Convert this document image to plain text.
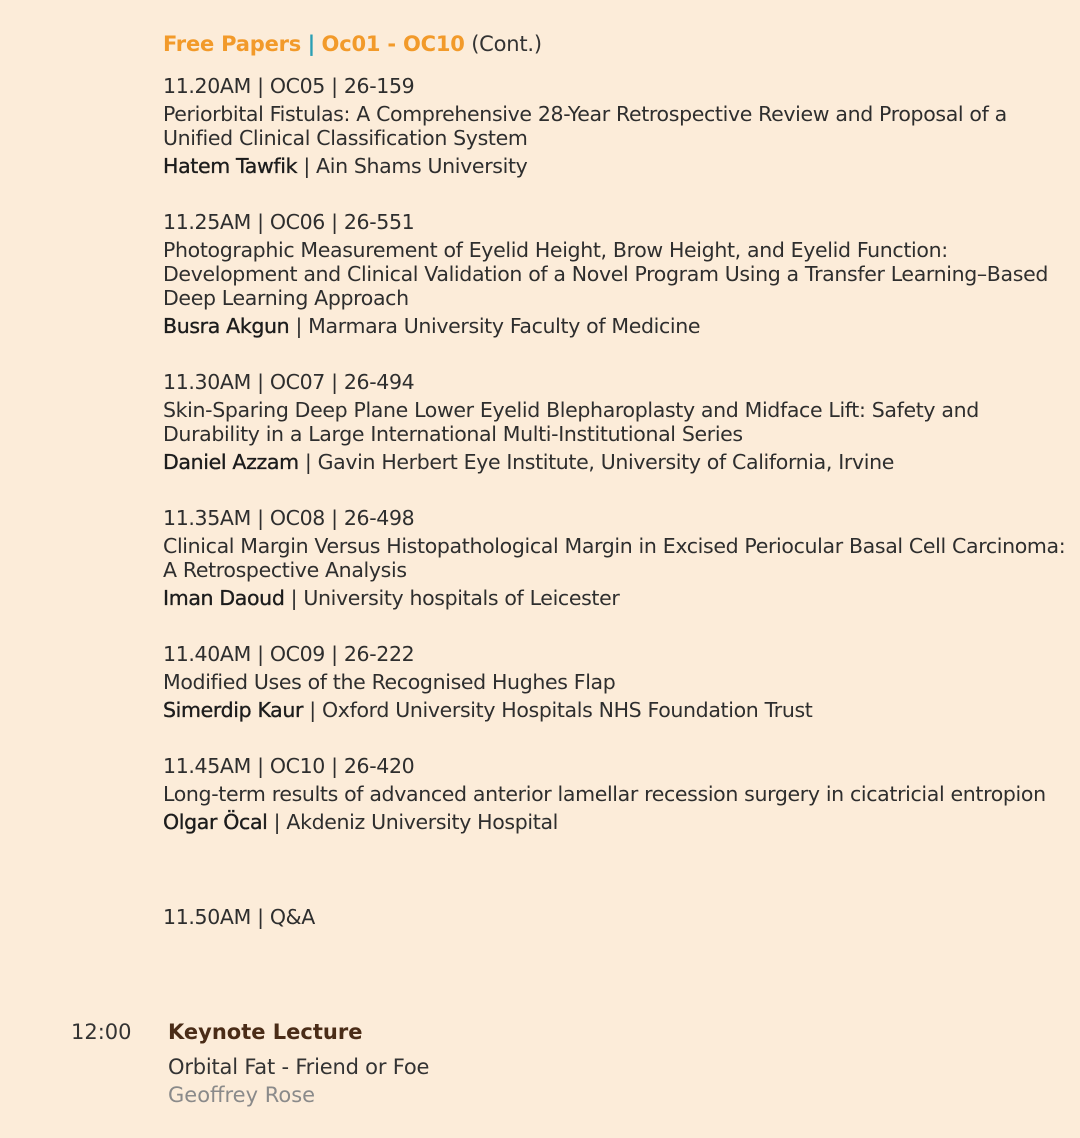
Free Papers | Oc01 - OC10 (Cont.)
11.20AM | OC05 | 26-159
Periorbital Fistulas: A Comprehensive 28-Year Retrospective Review and Proposal of a Unified Clinical Classification System
Hatem Tawfik | Ain Shams University
11.25AM | OC06 | 26-551
Photographic Measurement of Eyelid Height, Brow Height, and Eyelid Function: Development and Clinical Validation of a Novel Program Using a Transfer Learning–Based Deep Learning Approach
Busra Akgun | Marmara University Faculty of Medicine
11.30AM | OC07 | 26-494
Skin-Sparing Deep Plane Lower Eyelid Blepharoplasty and Midface Lift: Safety and Durability in a Large International Multi-Institutional Series
Daniel Azzam | Gavin Herbert Eye Institute, University of California, Irvine
11.35AM | OC08 | 26-498
Clinical Margin Versus Histopathological Margin in Excised Periocular Basal Cell Carcinoma: A Retrospective Analysis
Iman Daoud | University hospitals of Leicester
11.40AM | OC09 | 26-222
Modified Uses of the Recognised Hughes Flap
Simerdip Kaur | Oxford University Hospitals NHS Foundation Trust
11.45AM | OC10 | 26-420
Long-term results of advanced anterior lamellar recession surgery in cicatricial entropion
Olgar Öcal | Akdeniz University Hospital
11.50AM | Q&A
12:00 Keynote Lecture
Orbital Fat - Friend or Foe
Geoffrey Rose
